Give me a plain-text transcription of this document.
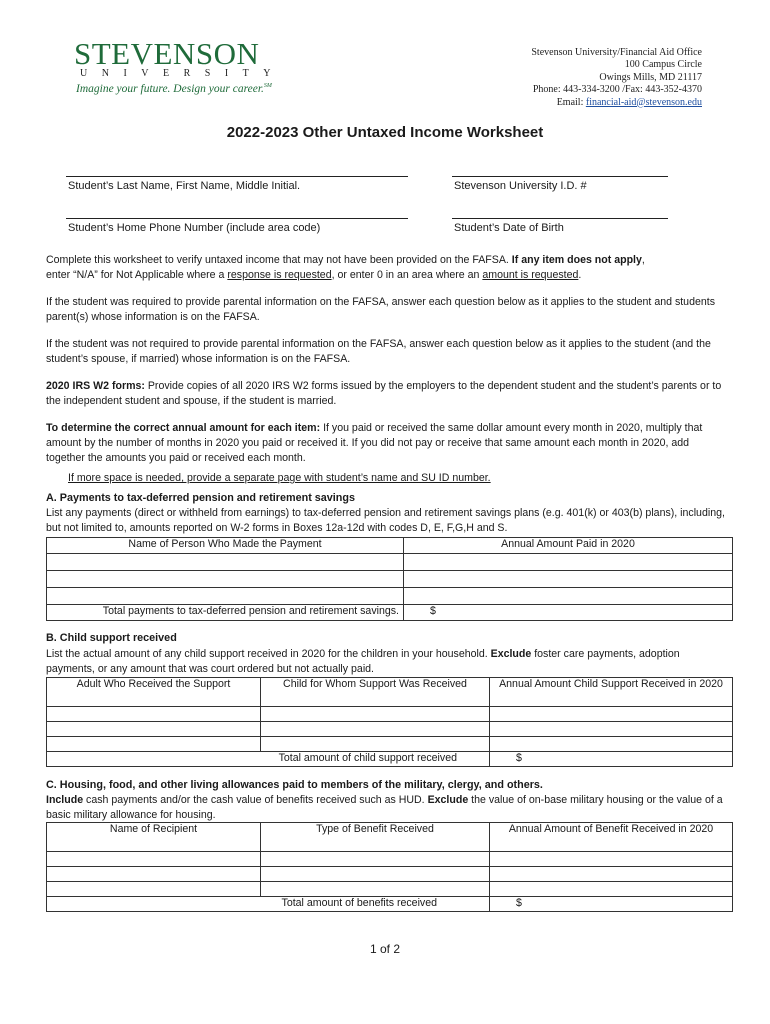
STEVENSON
UNIVERSITY
Imagine your future. Design your career.℠
Stevenson University/Financial Aid Office
100 Campus Circle
Owings Mills, MD 21117
Phone: 443-334-3200 /Fax: 443-352-4370
Email: financial-aid@stevenson.edu
2022-2023 Other Untaxed Income Worksheet
Student’s Last Name, First Name, Middle Initial.	Stevenson University I.D. #
Student’s Home Phone Number (include area code)	Student’s Date of Birth
Complete this worksheet to verify untaxed income that may not have been provided on the FAFSA. If any item does not apply,
enter “N/A” for Not Applicable where a response is requested, or enter 0 in an area where an amount is requested.
If the student was required to provide parental information on the FAFSA, answer each question below as it applies to the student and students parent(s) whose information is on the FAFSA.
If the student was not required to provide parental information on the FAFSA, answer each question below as it applies to the student (and the student’s spouse, if married) whose information is on the FAFSA.
2020 IRS W2 forms: Provide copies of all 2020 IRS W2 forms issued by the employers to the dependent student and the student’s parents or to the independent student and spouse, if the student is married.
To determine the correct annual amount for each item: If you paid or received the same dollar amount every month in 2020, multiply that amount by the number of months in 2020 you paid or received it. If you did not pay or receive that same amount each month in 2020, add together the amounts you paid or received each month.
If more space is needed, provide a separate page with student’s name and SU ID number.
A. Payments to tax-deferred pension and retirement savings
List any payments (direct or withheld from earnings) to tax-deferred pension and retirement savings plans (e.g. 401(k) or 403(b) plans), including, but not limited to, amounts reported on W-2 forms in Boxes 12a-12d with codes D, E, F,G,H and S.
Name of Person Who Made the Payment	Annual Amount Paid in 2020

Total payments to tax-deferred pension and retirement savings.	$
B. Child support received
List the actual amount of any child support received in 2020 for the children in your household. Exclude foster care payments, adoption payments, or any amount that was court ordered but not actually paid.
Adult Who Received the Support	Child for Whom Support Was Received	Annual Amount Child Support Received in 2020

Total amount of child support received		$
C. Housing, food, and other living allowances paid to members of the military, clergy, and others.
Include cash payments and/or the cash value of benefits received such as HUD. Exclude the value of on-base military housing or the value of a basic military allowance for housing.
Name of Recipient	Type of Benefit Received	Annual Amount of Benefit Received in 2020

Total amount of benefits received		$
1 of 2
